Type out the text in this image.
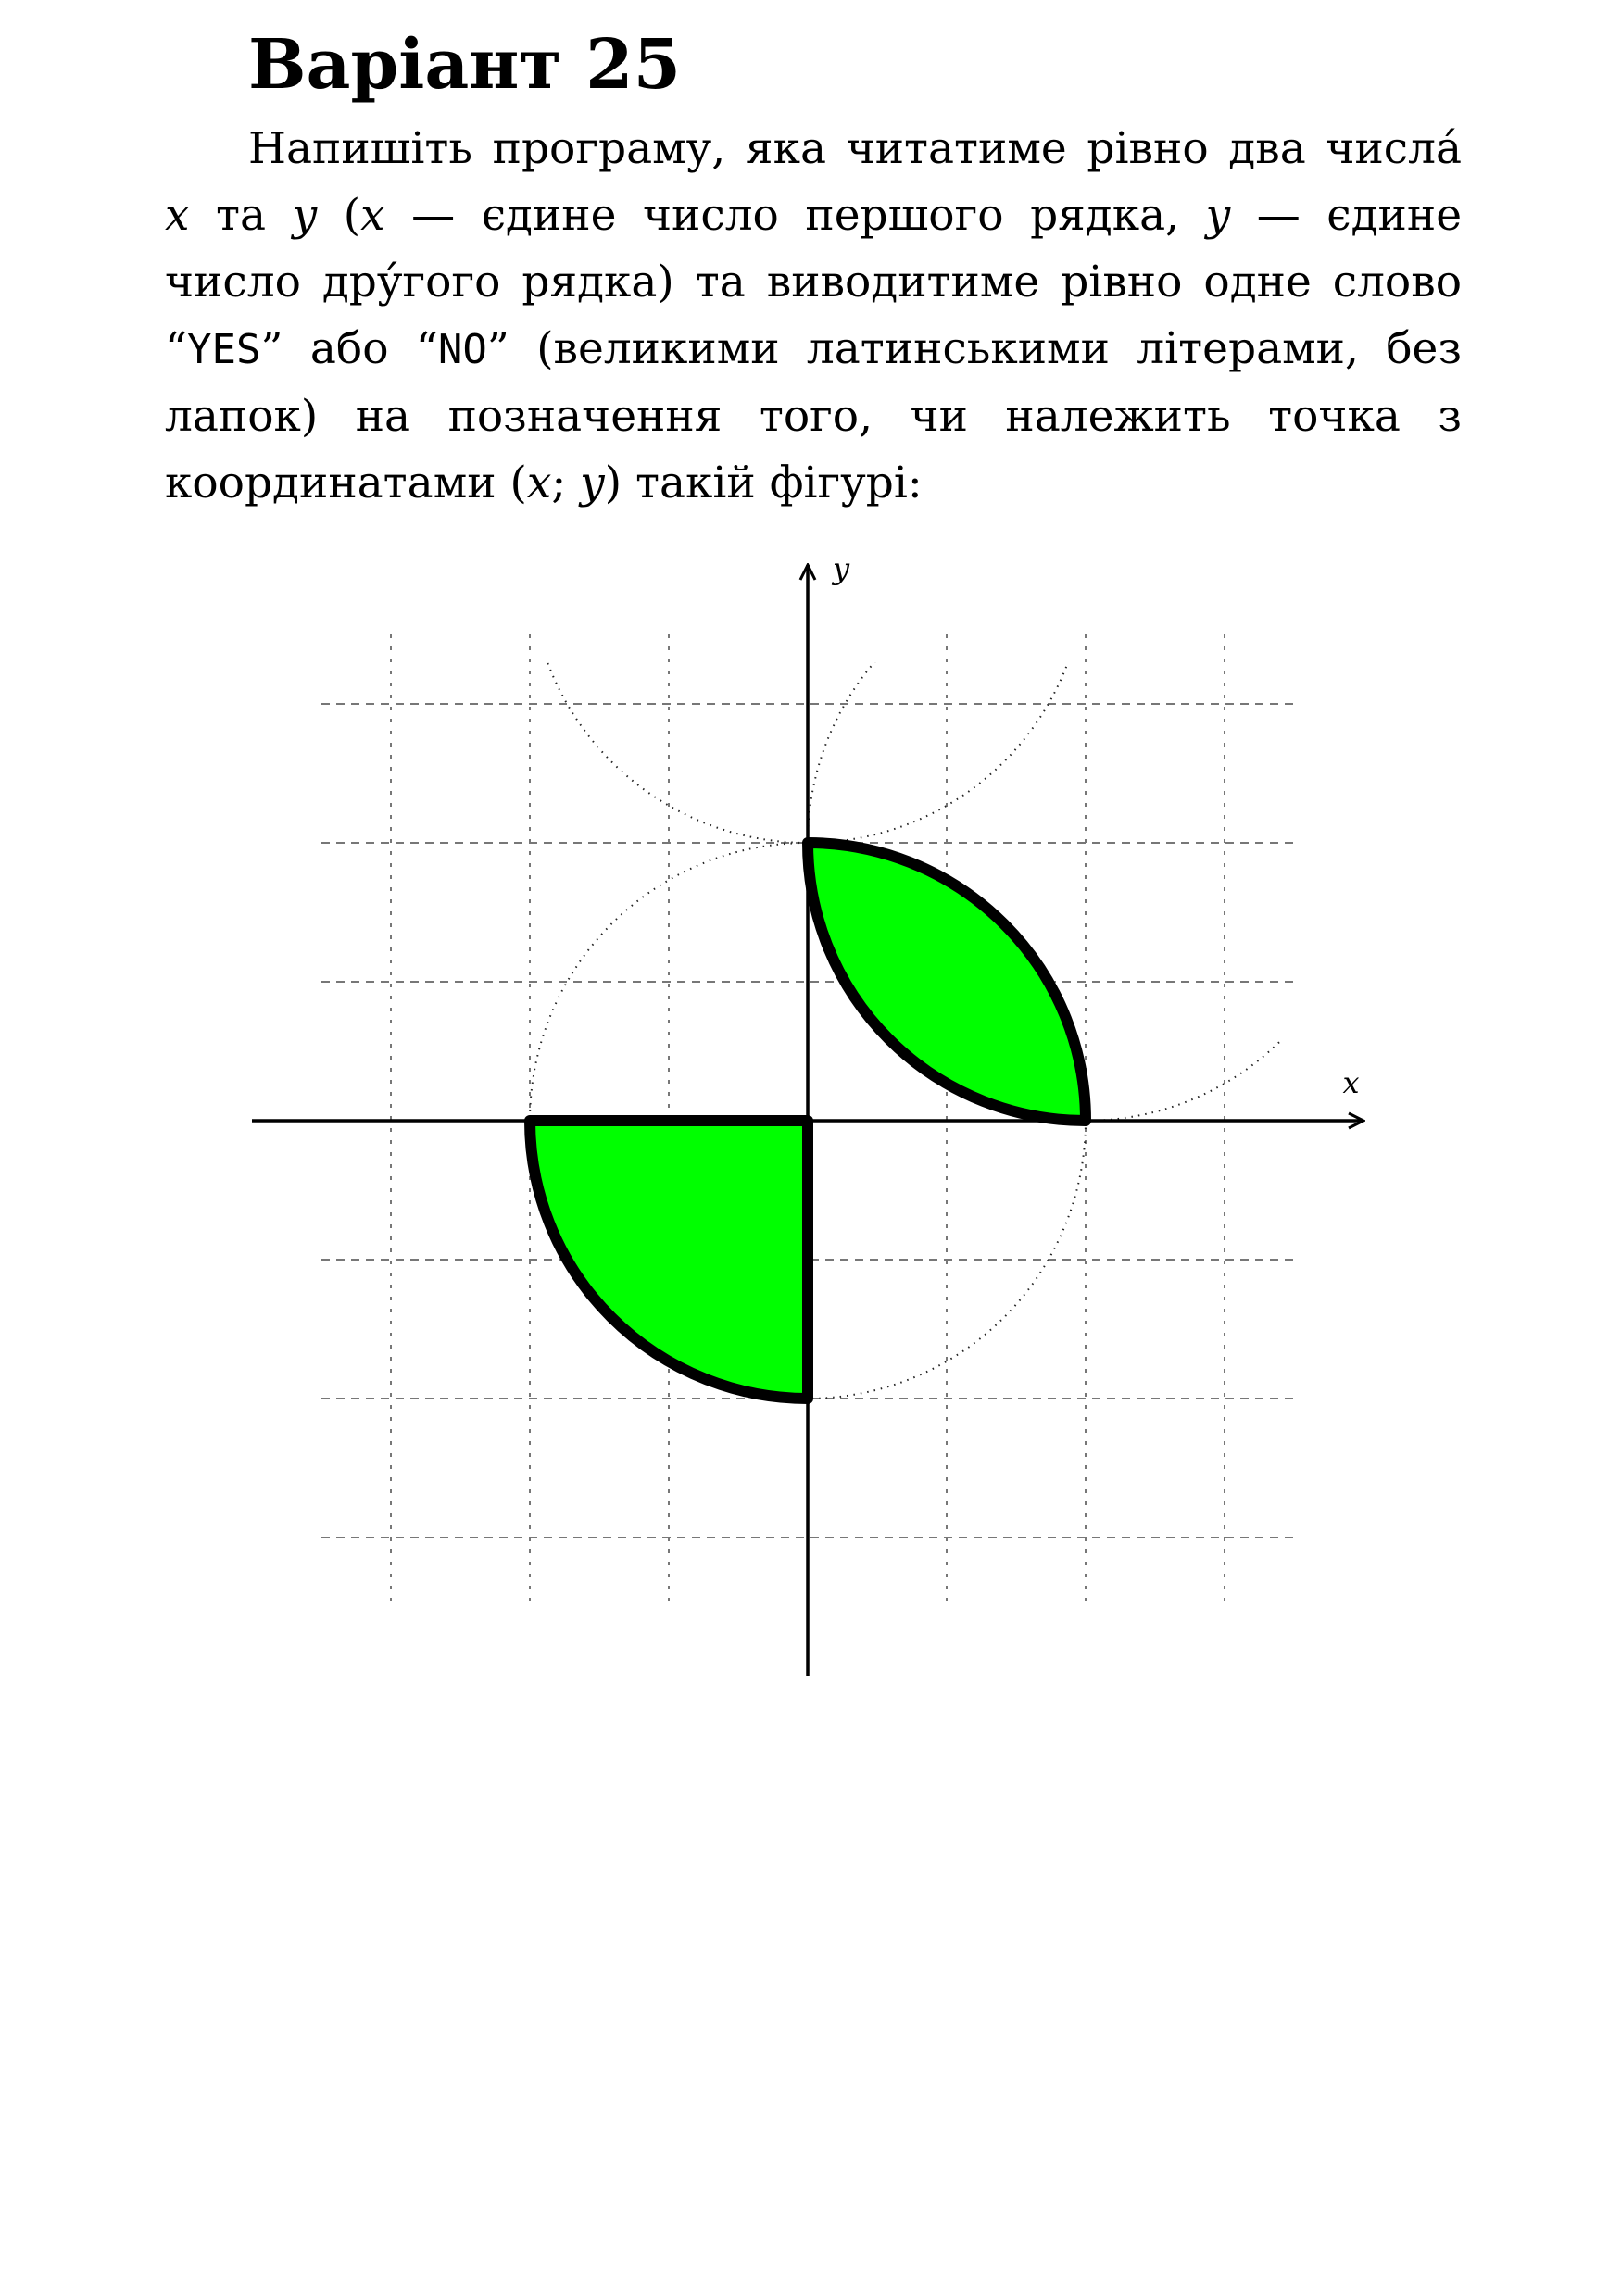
Варіант 25

Напишіть програму, яка читатиме рівно два числа́ x та y (x — єдине число першого рядка, y — єдине число дру́гого рядка) та виводитиме рівно одне слово “YES” або “NO” (великими латинськими літерами, без лапок) на позначення того, чи належить точка з координатами (x; y) такій фігурі:

x
y
